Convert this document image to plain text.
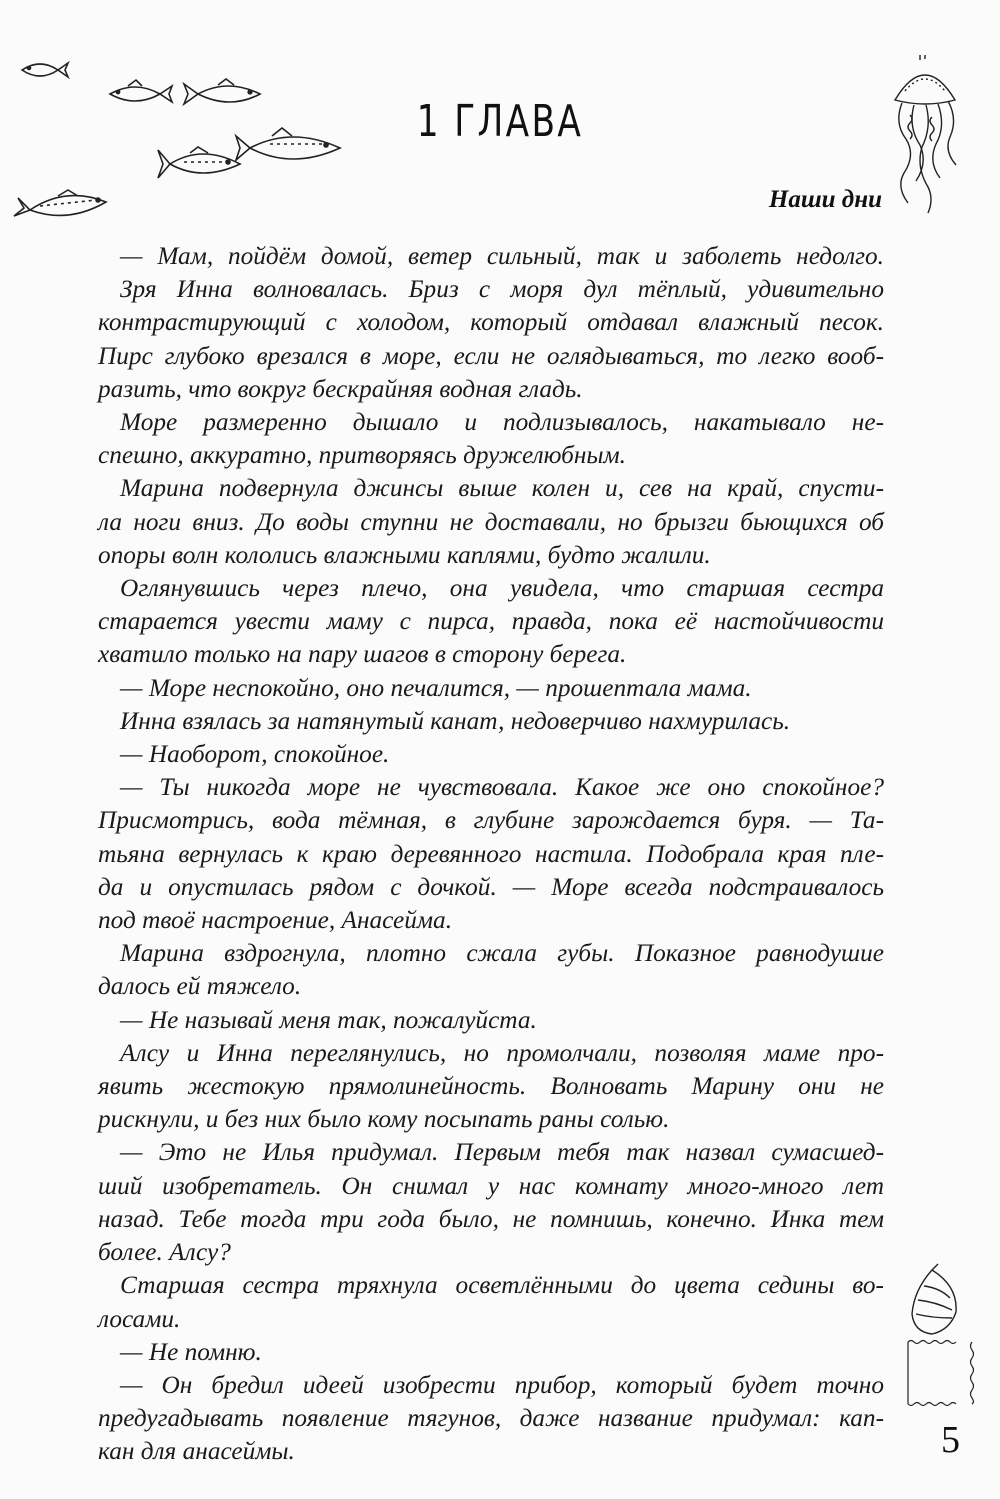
1 ГЛАВА
Наши дни

— Мам, пойдём домой, ветер сильный, так и заболеть недолго.

Зря Инна волновалась. Бриз с моря дул тёплый, удивительно

контрастирующий с холодом, который отдавал влажный песок.

Пирс глубоко врезался в море, если не оглядываться, то легко вооб-

разить, что вокруг бескрайняя водная гладь.

Море размеренно дышало и подлизывалось, накатывало не-

спешно, аккуратно, притворяясь дружелюбным.

Марина подвернула джинсы выше колен и, сев на край, спусти-

ла ноги вниз. До воды ступни не доставали, но брызги бьющихся об

опоры волн кололись влажными каплями, будто жалили.

Оглянувшись через плечо, она увидела, что старшая сестра

старается увести маму с пирса, правда, пока её настойчивости

хватило только на пару шагов в сторону берега.

— Море неспокойно, оно печалится, — прошептала мама.

Инна взялась за натянутый канат, недоверчиво нахмурилась.

— Наоборот, спокойное.

— Ты никогда море не чувствовала. Какое же оно спокойное?

Присмотрись, вода тёмная, в глубине зарождается буря. — Та-

тьяна вернулась к краю деревянного настила. Подобрала края пле-

да и опустилась рядом с дочкой. — Море всегда подстраивалось

под твоё настроение, Анасейма.

Марина вздрогнула, плотно сжала губы. Показное равнодушие

далось ей тяжело.

— Не называй меня так, пожалуйста.

Алсу и Инна переглянулись, но промолчали, позволяя маме про-

явить жестокую прямолинейность. Волновать Марину они не

рискнули, и без них было кому посыпать раны солью.

— Это не Илья придумал. Первым тебя так назвал сумасшед-

ший изобретатель. Он снимал у нас комнату много-много лет

назад. Тебе тогда три года было, не помнишь, конечно. Инка тем

более. Алсу?

Старшая сестра тряхнула осветлёнными до цвета седины во-

лосами.

— Не помню.

— Он бредил идеей изобрести прибор, который будет точно

предугадывать появление тягунов, даже название придумал: кап-

кан для анасеймы.	5
